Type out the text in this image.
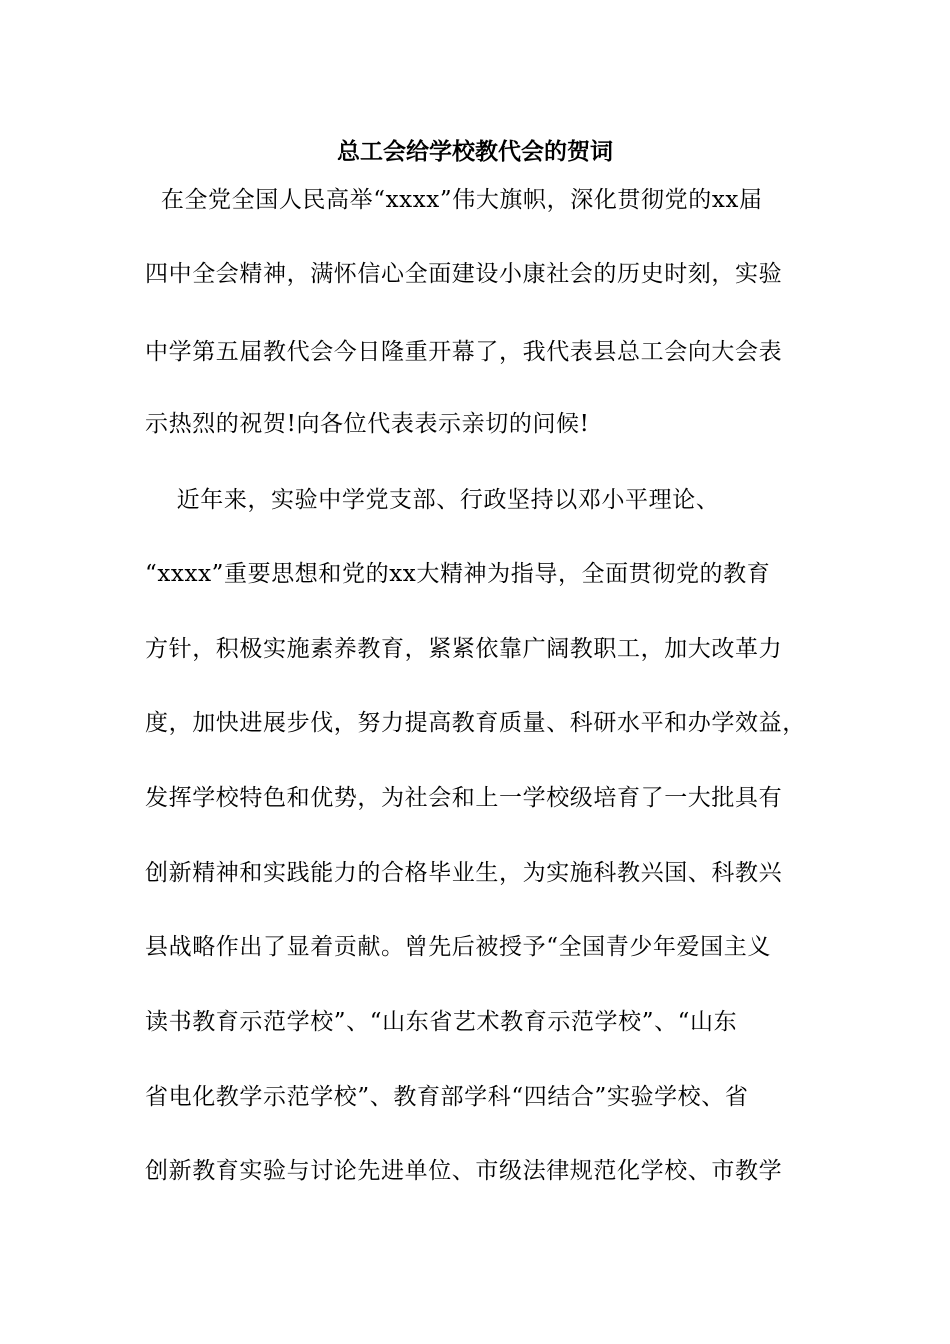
总工会给学校教代会的贺词
在全党全国人民高举“xxxx”伟大旗帜，深化贯彻党的xx届
四中全会精神，满怀信心全面建设小康社会的历史时刻，实验
中学第五届教代会今日隆重开幕了，我代表县总工会向大会表
示热烈的祝贺!向各位代表表示亲切的问候!
近年来，实验中学党支部、行政坚持以邓小平理论、
“xxxx”重要思想和党的xx大精神为指导，全面贯彻党的教育
方针，积极实施素养教育，紧紧依靠广阔教职工，加大改革力
度，加快进展步伐，努力提高教育质量、科研水平和办学效益，
发挥学校特色和优势，为社会和上一学校级培育了一大批具有
创新精神和实践能力的合格毕业生，为实施科教兴国、科教兴
县战略作出了显着贡献。曾先后被授予“全国青少年爱国主义
读书教育示范学校”、“山东省艺术教育示范学校”、“山东
省电化教学示范学校”、教育部学科“四结合”实验学校、省
创新教育实验与讨论先进单位、市级法律规范化学校、市教学
